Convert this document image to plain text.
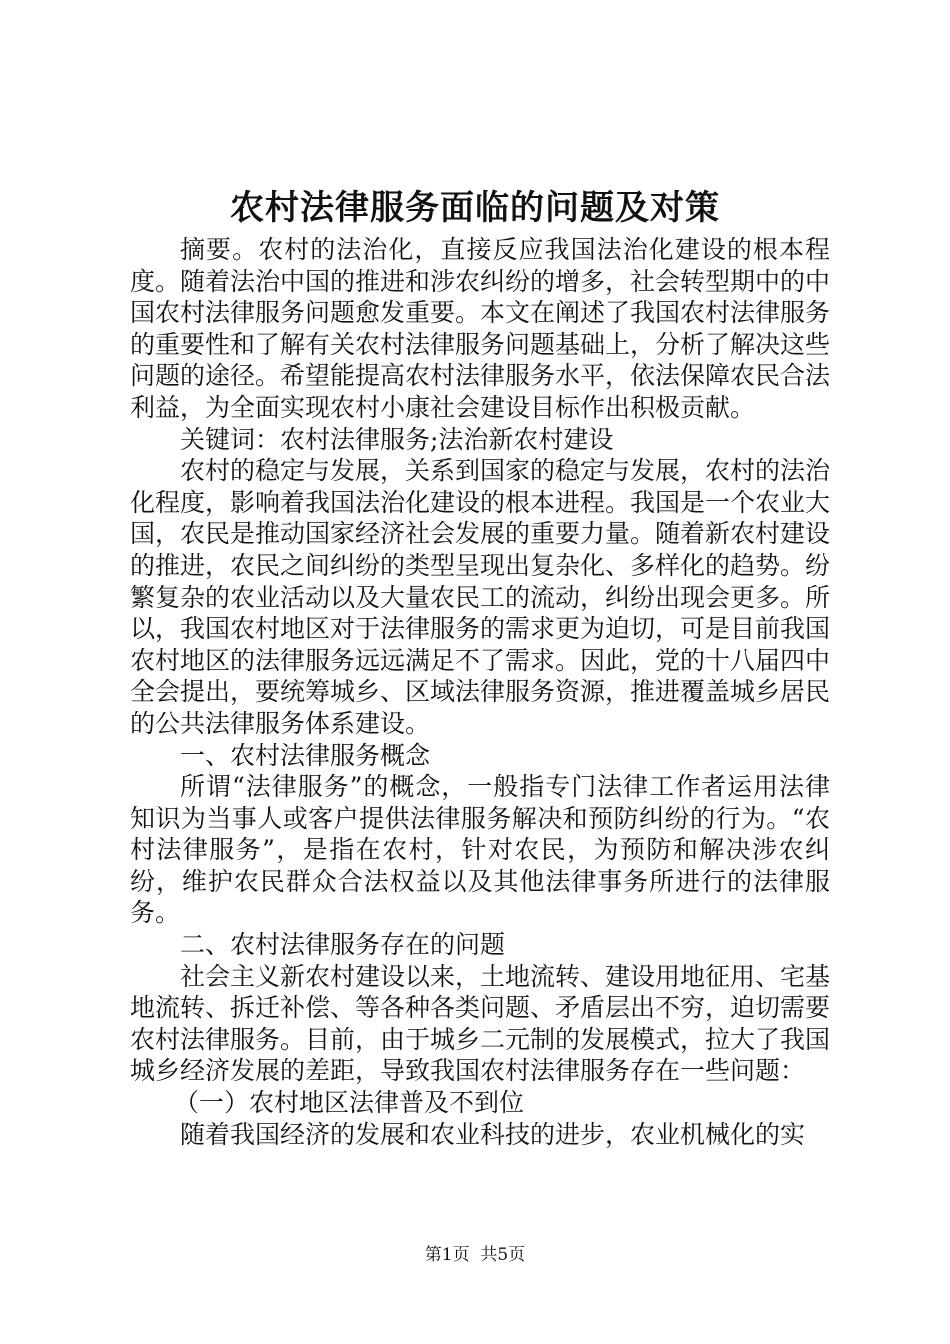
农村法律服务面临的问题及对策

摘要。农村的法治化，直接反应我国法治化建设的根本程度。随着法治中国的推进和涉农纠纷的增多，社会转型期中的中国农村法律服务问题愈发重要。本文在阐述了我国农村法律服务的重要性和了解有关农村法律服务问题基础上，分析了解决这些问题的途径。希望能提高农村法律服务水平，依法保障农民合法利益，为全面实现农村小康社会建设目标作出积极贡献。

关键词：农村法律服务;法治新农村建设

农村的稳定与发展，关系到国家的稳定与发展，农村的法治化程度，影响着我国法治化建设的根本进程。我国是一个农业大国，农民是推动国家经济社会发展的重要力量。随着新农村建设的推进，农民之间纠纷的类型呈现出复杂化、多样化的趋势。纷繁复杂的农业活动以及大量农民工的流动，纠纷出现会更多。所以，我国农村地区对于法律服务的需求更为迫切，可是目前我国农村地区的法律服务远远满足不了需求。因此，党的十八届四中全会提出，要统筹城乡、区域法律服务资源，推进覆盖城乡居民的公共法律服务体系建设。

一、农村法律服务概念

所谓“法律服务”的概念，一般指专门法律工作者运用法律知识为当事人或客户提供法律服务解决和预防纠纷的行为。“农村法律服务”，是指在农村，针对农民，为预防和解决涉农纠纷，维护农民群众合法权益以及其他法律事务所进行的法律服务。

二、农村法律服务存在的问题

社会主义新农村建设以来，土地流转、建设用地征用、宅基地流转、拆迁补偿、等各种各类问题、矛盾层出不穷，迫切需要农村法律服务。目前，由于城乡二元制的发展模式，拉大了我国城乡经济发展的差距，导致我国农村法律服务存在一些问题：

（一）农村地区法律普及不到位

随着我国经济的发展和农业科技的进步，农业机械化的实

第1页  共5页
